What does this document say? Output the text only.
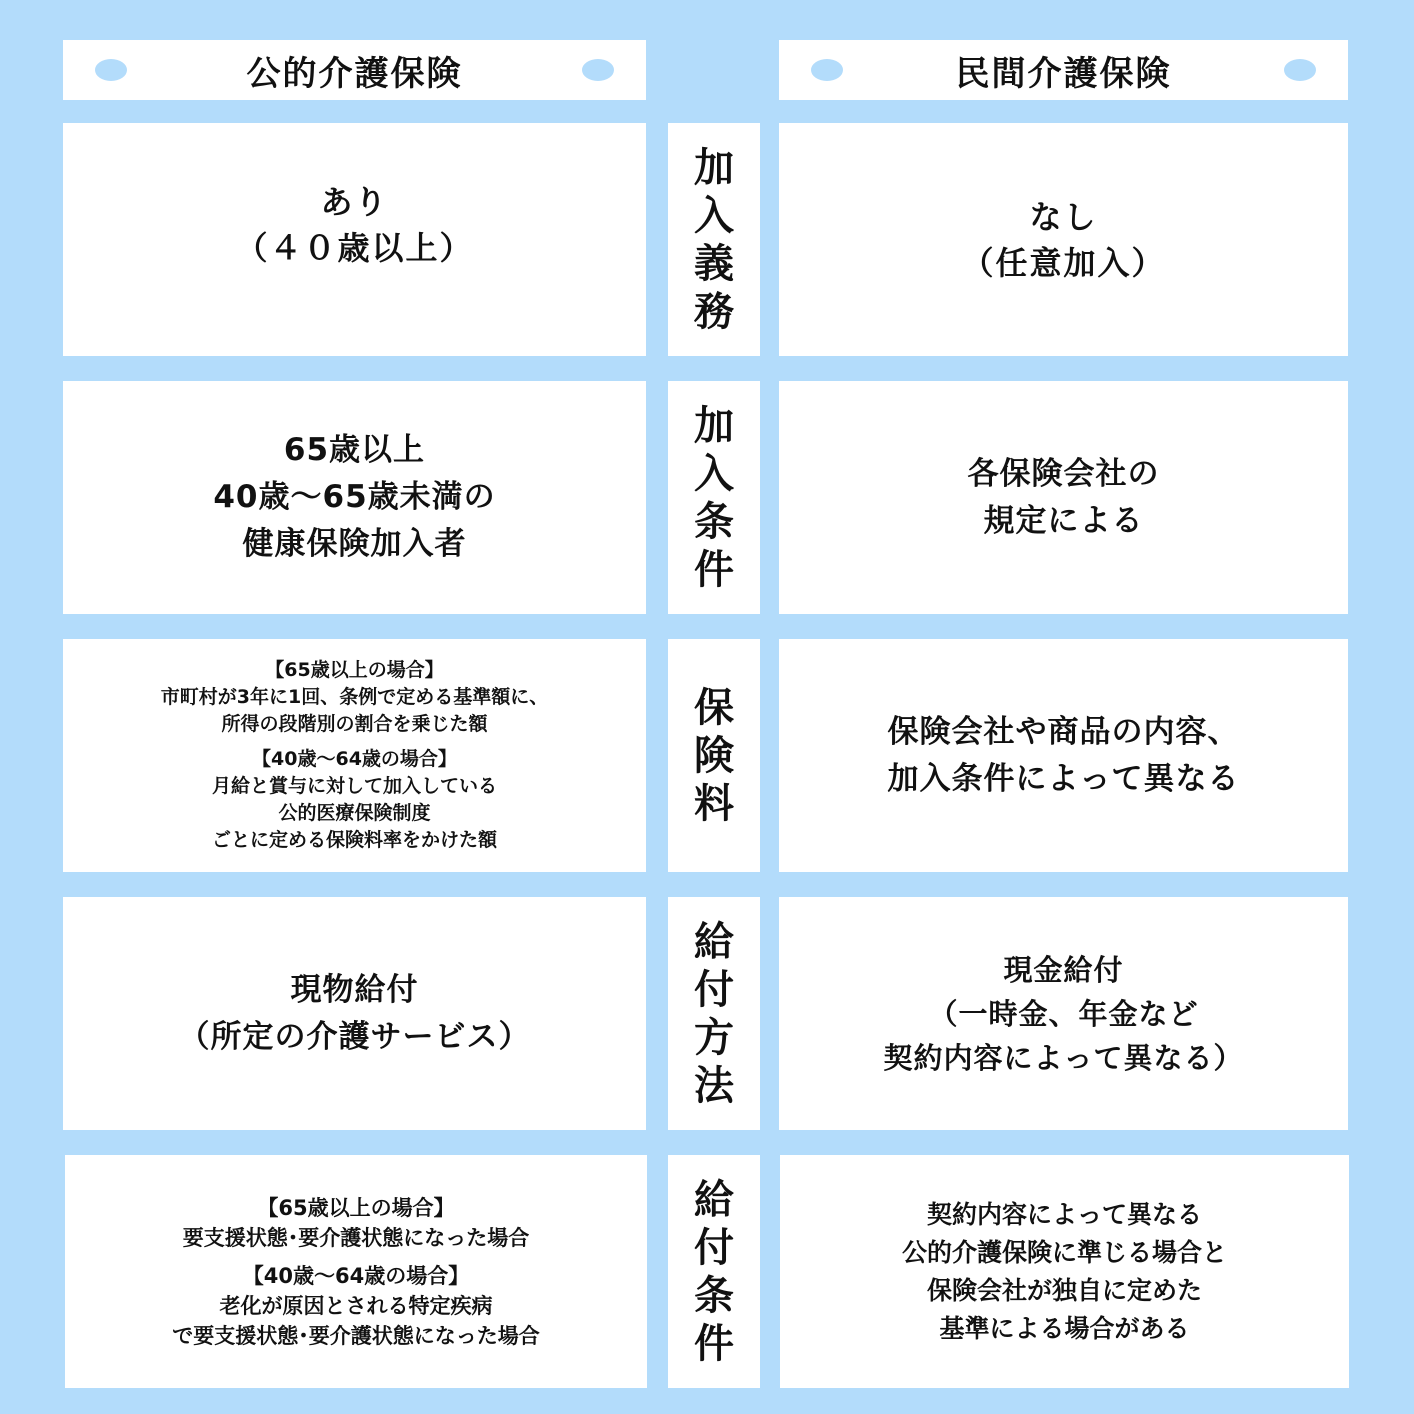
公的介護保険	民間介護保険
あり
（４０歳以上）
加
入
義
務
なし
（任意加入）
65歳以上
40歳〜65歳未満の
健康保険加入者
加
入
条
件
各保険会社の
規定による
【65歳以上の場合】
市町村が3年に1回、条例で定める基準額に、
所得の段階別の割合を乗じた額
【40歳〜64歳の場合】
月給と賞与に対して加入している
公的医療保険制度
ごとに定める保険料率をかけた額
保
険
料
保険会社や商品の内容、
加入条件によって異なる
現物給付
（所定の介護サービス）
給
付
方
法
現金給付
（一時金、年金など
契約内容によって異なる）
【65歳以上の場合】
要支援状態･要介護状態になった場合
【40歳〜64歳の場合】
老化が原因とされる特定疾病
で要支援状態･要介護状態になった場合
給
付
条
件
契約内容によって異なる
公的介護保険に準じる場合と
保険会社が独自に定めた
基準による場合がある
